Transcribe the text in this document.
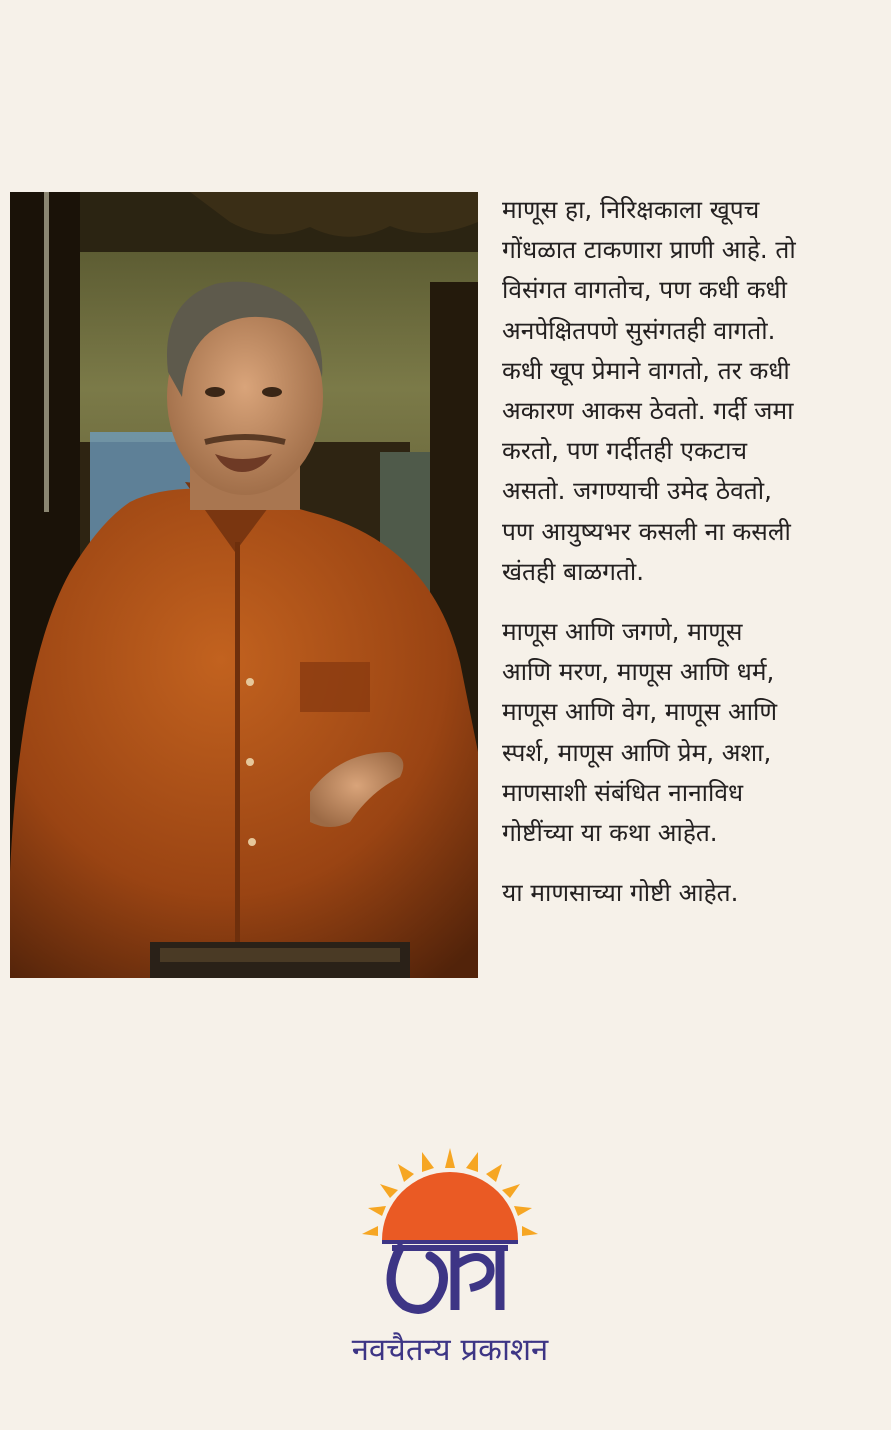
माणूस हा, निरिक्षकाला खूपच
गोंधळात टाकणारा प्राणी आहे. तो
विसंगत वागतोच, पण कधी कधी
अनपेक्षितपणे सुसंगतही वागतो.
कधी खूप प्रेमाने वागतो, तर कधी
अकारण आकस ठेवतो. गर्दी जमा
करतो, पण गर्दीतही एकटाच
असतो. जगण्याची उमेद ठेवतो,
पण आयुष्यभर कसली ना कसली
खंतही बाळगतो.

माणूस आणि जगणे, माणूस
आणि मरण, माणूस आणि धर्म,
माणूस आणि वेग, माणूस आणि
स्पर्श, माणूस आणि प्रेम, अशा,
माणसाशी संबंधित नानाविध
गोष्टींच्या या कथा आहेत.

या माणसाच्या गोष्टी आहेत.

नवचैतन्य प्रकाशन
